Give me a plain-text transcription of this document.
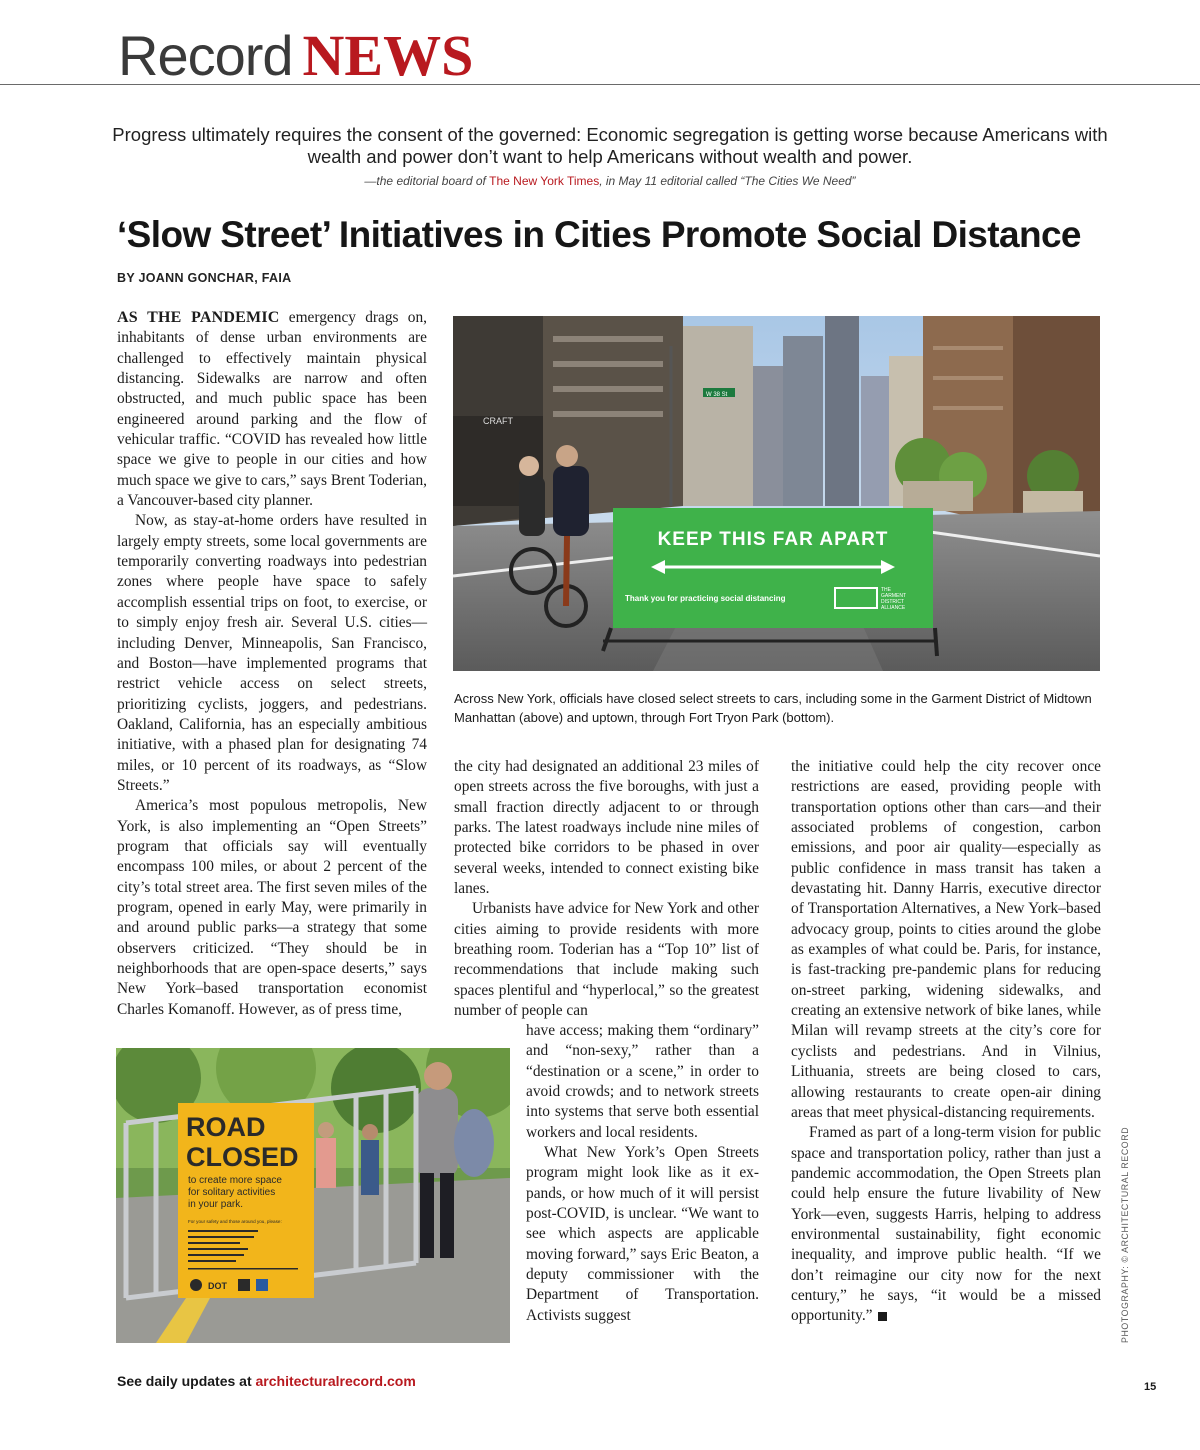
Record NEWS
Progress ultimately requires the consent of the governed: Economic segregation is getting worse because Americans with wealth and power don’t want to help Americans without wealth and power.
—the editorial board of The New York Times, in May 11 editorial called “The Cities We Need”
‘Slow Street’ Initiatives in Cities Promote Social Distance
BY JOANN GONCHAR, FAIA

AS THE PANDEMIC emergency drags on, inhabitants of dense urban environments are challenged to effectively maintain physical distancing. Sidewalks are narrow and often obstructed, and much public space has been engineered around parking and the flow of vehicular traffic. “COVID has revealed how little space we give to people in our cities and how much space we give to cars,” says Brent Toderian, a Vancouver-based city planner.

Now, as stay-at-home orders have resulted in largely empty streets, some local governments are temporarily converting roadways into pedestrian zones where people have space to safely accomplish essential trips on foot, to exercise, or to simply enjoy fresh air. Several U.S. cities—including Denver, Minneapolis, San Francisco, and Boston—have implemented programs that restrict vehicle access on select streets, prioritizing cyclists, joggers, and pedestrians. Oakland, California, has an especially ambitious initiative, with a phased plan for designating 74 miles, or 10 percent of its roadways, as “Slow Streets.”

America’s most populous metropolis, New York, is also implementing an “Open Streets” program that officials say will eventually encompass 100 miles, or about 2 percent of the city’s total street area. The first seven miles of the program, opened in early May, were primarily in and around public parks—a strategy that some observers criticized. “They should be in neighborhoods that are open-space deserts,” says New York–based transportation economist Charles Komanoff. However, as of press time,

CRAFT
W 38 St
KEEP THIS FAR APART
Thank you for practicing social distancing
THE
GARMENT
DISTRICT
ALLIANCE
Across New York, officials have closed select streets to cars, including some in the Garment District of Midtown Manhattan (above) and uptown, through Fort Tryon Park (bottom).

the city had designated an additional 23 miles of open streets across the five boroughs, with just a small fraction directly adjacent to or through parks. The latest roadways include nine miles of protected bike corridors to be phased in over several weeks, intended to connect existing bike lanes.

Urbanists have advice for New York and other cities aiming to provide residents with more breathing room. Toderian has a “Top 10” list of recommendations that include making such spaces plentiful and “hyperlocal,” so the greatest number of people can

have access; making them “ordinary” and “non-sexy,” rather than a “destination or a scene,” in order to avoid crowds; and to network streets into systems that serve both essential workers and local residents.

What New York’s Open Streets program might look like as it expands, or how much of it will persist post-COVID, is unclear. “We want to see which aspects are applicable moving forward,” says Eric Beaton, a deputy commissioner with the Department of Transportation. Activists suggest

the initiative could help the city recover once restrictions are eased, providing people with transportation options other than cars—and their associated problems of congestion, carbon emissions, and poor air quality—especially as public confidence in mass transit has taken a devastating hit. Danny Harris, executive director of Transportation Alternatives, a New York–based advocacy group, points to cities around the globe as examples of what could be. Paris, for instance, is fast-tracking pre-pandemic plans for reducing on-street parking, widening sidewalks, and creating an extensive network of bike lanes, while Milan will revamp streets at the city’s core for cyclists and pedestrians. And in Vilnius, Lithuania, streets are being closed to cars, allowing restaurants to create open-air dining areas that meet physical-distancing requirements.

Framed as part of a long-term vision for public space and transportation policy, rather than just a pandemic accommodation, the Open Streets plan could help ensure the future livability of New York—even, suggests Harris, helping to address environmental sustainability, fight economic inequality, and improve public health. “If we don’t reimagine our city now for the next century,” he says, “it would be a missed opportunity.”

ROAD
CLOSED
to create more space
for solitary activities
in your park.
For your safety and those around you, please:
DOT	PHOTOGRAPHY: © ARCHITECTURAL RECORD
See daily updates at architecturalrecord.com	15
